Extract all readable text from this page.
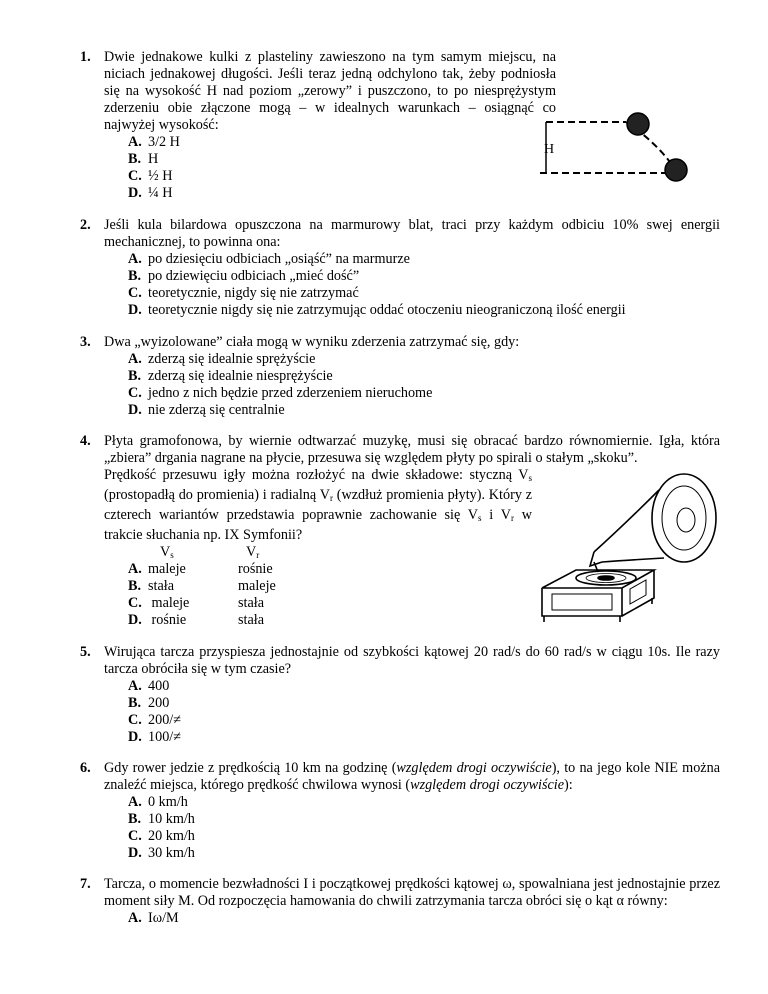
1. Dwie jednakowe kulki z plasteliny zawieszono na tym samym miejscu, na niciach jednakowej długości. Jeśli teraz jedną odchylono tak, żeby podniosła się na wysokość H nad poziom „zerowy” i puszczono, to po niesprężystym zderzeniu obie złączone mogą – w idealnych warunkach – osiągnąć co najwyżej wysokość:
A. 3/2 H
B. H
C. ½ H
D. ¼ H
H
2. Jeśli kula bilardowa opuszczona na marmurowy blat, traci przy każdym odbiciu 10% swej energii mechanicznej, to powinna ona:
A. po dziesięciu odbiciach „osiąść” na marmurze
B. po dziewięciu odbiciach „mieć dość”
C. teoretycznie, nigdy się nie zatrzymać
D. teoretycznie nigdy się nie zatrzymując oddać otoczeniu nieograniczoną ilość energii
3. Dwa „wyizolowane” ciała mogą w wyniku zderzenia zatrzymać się, gdy:
A. zderzą się idealnie sprężyście
B. zderzą się idealnie niesprężyście
C. jedno z nich będzie przed zderzeniem nieruchome
D. nie zderzą się centralnie
4. Płyta gramofonowa, by wiernie odtwarzać muzykę, musi się obracać bardzo równomiernie. Igła, która „zbiera” drgania nagrane na płycie, przesuwa się względem płyty po spirali o stałym „skoku”.
Prędkość przesuwu igły można rozłożyć na dwie składowe: styczną $V_s$ (prostopadłą do promienia) i radialną $V_r$ (wzdłuż promienia płyty). Który z czterech wariantów przedstawia poprawnie zachowanie się $V_s$ i $V_r$ w trakcie słuchania np. IX Symfonii?
$V_s$	$V_r$
A. maleje	rośnie
B. stała	maleje
C. maleje	stała
D. rośnie	stała
5. Wirująca tarcza przyspiesza jednostajnie od szybkości kątowej 20 rad/s do 60 rad/s w ciągu 10s. Ile razy tarcza obróciła się w tym czasie?
A. 400
B. 200
C. 200/≠
D. 100/≠
6. Gdy rower jedzie z prędkością 10 km na godzinę (względem drogi oczywiście), to na jego kole NIE można znaleźć miejsca, którego prędkość chwilowa wynosi (względem drogi oczywiście):
A. 0 km/h
B. 10 km/h
C. 20 km/h
D. 30 km/h
7. Tarcza, o momencie bezwładności I i początkowej prędkości kątowej ω, spowalniana jest jednostajnie przez moment siły M. Od rozpoczęcia hamowania do chwili zatrzymania tarcza obróci się o kąt α równy:
A. Iω/M
